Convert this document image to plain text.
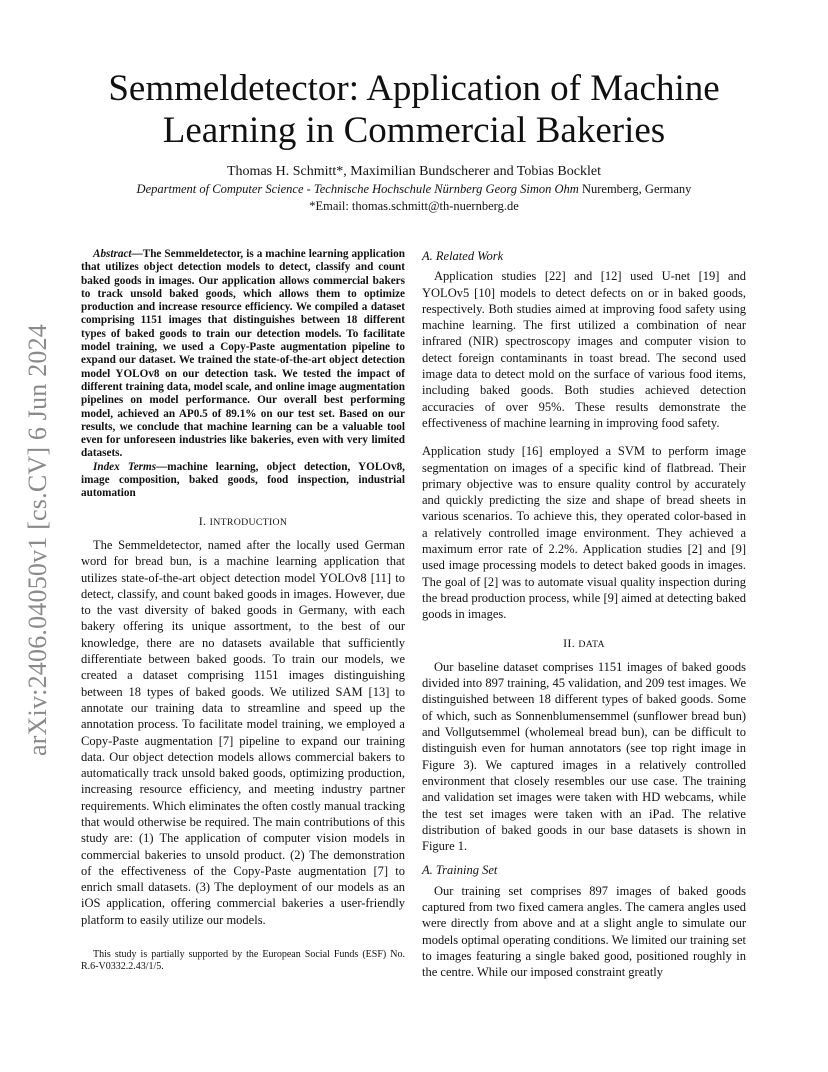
arXiv:2406.04050v1 [cs.CV] 6 Jun 2024
Semmeldetector: Application of Machine Learning in Commercial Bakeries
Thomas H. Schmitt*, Maximilian Bundscherer and Tobias Bocklet
Department of Computer Science - Technische Hochschule Nürnberg Georg Simon Ohm Nuremberg, Germany
*Email: thomas.schmitt@th-nuernberg.de

Abstract—The Semmeldetector, is a machine learning application that utilizes object detection models to detect, classify and count baked goods in images. Our application allows commercial bakers to track unsold baked goods, which allows them to optimize production and increase resource efficiency. We compiled a dataset comprising 1151 images that distinguishes between 18 different types of baked goods to train our detection models. To facilitate model training, we used a Copy-Paste augmentation pipeline to expand our dataset. We trained the state-of-the-art object detection model YOLOv8 on our detection task. We tested the impact of different training data, model scale, and online image augmentation pipelines on model performance. Our overall best performing model, achieved an AP0.5 of 89.1% on our test set. Based on our results, we conclude that machine learning can be a valuable tool even for unforeseen industries like bakeries, even with very limited datasets.

Index Terms—machine learning, object detection, YOLOv8, image composition, baked goods, food inspection, industrial automation

I. INTRODUCTION

The Semmeldetector, named after the locally used German word for bread bun, is a machine learning application that utilizes state-of-the-art object detection model YOLOv8 [11] to detect, classify, and count baked goods in images. However, due to the vast diversity of baked goods in Germany, with each bakery offering its unique assortment, to the best of our knowledge, there are no datasets available that sufficiently differentiate between baked goods. To train our models, we created a dataset comprising 1151 images distinguishing between 18 types of baked goods. We utilized SAM [13] to annotate our training data to streamline and speed up the annotation process. To facilitate model training, we employed a Copy-Paste augmentation [7] pipeline to expand our training data. Our object detection models allows commercial bakers to automatically track unsold baked goods, optimizing production, increasing resource efficiency, and meeting industry partner requirements. Which eliminates the often costly manual tracking that would otherwise be required. The main contributions of this study are: (1) The application of computer vision models in commercial bakeries to unsold product. (2) The demonstration of the effectiveness of the Copy-Paste augmentation [7] to enrich small datasets. (3) The deployment of our models as an iOS application, offering commercial bakeries a user-friendly platform to easily utilize our models.

This study is partially supported by the European Social Funds (ESF) No. R.6-V0332.2.43/1/5.
A. Related Work

Application studies [22] and [12] used U-net [19] and YOLOv5 [10] models to detect defects on or in baked goods, respectively. Both studies aimed at improving food safety using machine learning. The first utilized a combination of near infrared (NIR) spectroscopy images and computer vision to detect foreign contaminants in toast bread. The second used image data to detect mold on the surface of various food items, including baked goods. Both studies achieved detection accuracies of over 95%. These results demonstrate the effectiveness of machine learning in improving food safety.

Application study [16] employed a SVM to perform image segmentation on images of a specific kind of flatbread. Their primary objective was to ensure quality control by accurately and quickly predicting the size and shape of bread sheets in various scenarios. To achieve this, they operated color-based in a relatively controlled image environment. They achieved a maximum error rate of 2.2%. Application studies [2] and [9] used image processing models to detect baked goods in images. The goal of [2] was to automate visual quality inspection during the bread production process, while [9] aimed at detecting baked goods in images.

II. DATA

Our baseline dataset comprises 1151 images of baked goods divided into 897 training, 45 validation, and 209 test images. We distinguished between 18 different types of baked goods. Some of which, such as Sonnenblumensemmel (sunflower bread bun) and Vollgutsemmel (wholemeal bread bun), can be difficult to distinguish even for human annotators (see top right image in Figure 3). We captured images in a relatively controlled environment that closely resembles our use case. The training and validation set images were taken with HD webcams, while the test set images were taken with an iPad. The relative distribution of baked goods in our base datasets is shown in Figure 1.

A. Training Set

Our training set comprises 897 images of baked goods captured from two fixed camera angles. The camera angles used were directly from above and at a slight angle to simulate our models optimal operating conditions. We limited our training set to images featuring a single baked good, positioned roughly in the centre. While our imposed constraint greatly
